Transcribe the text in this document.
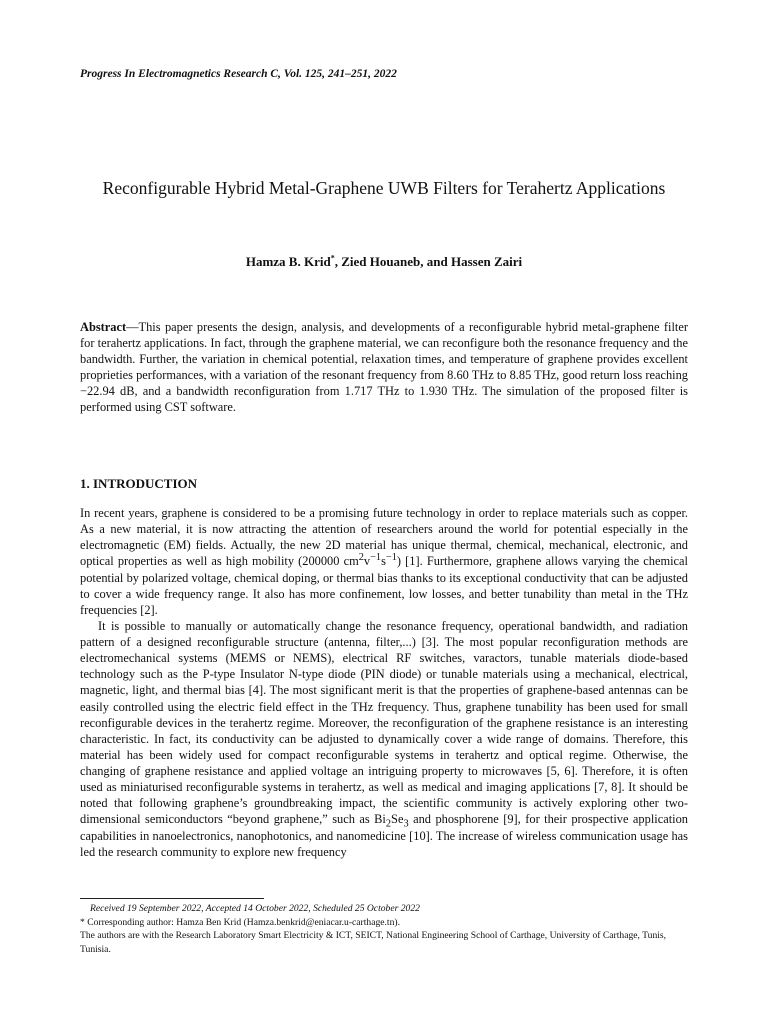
Progress In Electromagnetics Research C, Vol. 125, 241–251, 2022
Reconfigurable Hybrid Metal-Graphene UWB Filters for Terahertz Applications
Hamza B. Krid*, Zied Houaneb, and Hassen Zairi
Abstract—This paper presents the design, analysis, and developments of a reconfigurable hybrid metal-graphene filter for terahertz applications. In fact, through the graphene material, we can reconfigure both the resonance frequency and the bandwidth. Further, the variation in chemical potential, relaxation times, and temperature of graphene provides excellent proprieties performances, with a variation of the resonant frequency from 8.60 THz to 8.85 THz, good return loss reaching −22.94 dB, and a bandwidth reconfiguration from 1.717 THz to 1.930 THz. The simulation of the proposed filter is performed using CST software.
1. INTRODUCTION

In recent years, graphene is considered to be a promising future technology in order to replace materials such as copper. As a new material, it is now attracting the attention of researchers around the world for potential especially in the electromagnetic (EM) fields. Actually, the new 2D material has unique thermal, chemical, mechanical, electronic, and optical properties as well as high mobility (200000 $cm^2v^{-1}s^{-1}$) [1]. Furthermore, graphene allows varying the chemical potential by polarized voltage, chemical doping, or thermal bias thanks to its exceptional conductivity that can be adjusted to cover a wide frequency range. It also has more confinement, low losses, and better tunability than metal in the THz frequencies [2].

It is possible to manually or automatically change the resonance frequency, operational bandwidth, and radiation pattern of a designed reconfigurable structure (antenna, filter,...) [3]. The most popular reconfiguration methods are electromechanical systems (MEMS or NEMS), electrical RF switches, varactors, tunable materials diode-based technology such as the P-type Insulator N-type diode (PIN diode) or tunable materials using a mechanical, electrical, magnetic, light, and thermal bias [4]. The most significant merit is that the properties of graphene-based antennas can be easily controlled using the electric field effect in the THz frequency. Thus, graphene tunability has been used for small reconfigurable devices in the terahertz regime. Moreover, the reconfiguration of the graphene resistance is an interesting characteristic. In fact, its conductivity can be adjusted to dynamically cover a wide range of domains. Therefore, this material has been widely used for compact reconfigurable systems in terahertz and optical regime. Otherwise, the changing of graphene resistance and applied voltage an intriguing property to microwaves [5, 6]. Therefore, it is often used as miniaturised reconfigurable systems in terahertz, as well as medical and imaging applications [7, 8]. It should be noted that following graphene’s groundbreaking impact, the scientific community is actively exploring other two-dimensional semiconductors “beyond graphene,” such as $Bi_2Se_3$ and phosphorene [9], for their prospective application capabilities in nanoelectronics, nanophotonics, and nanomedicine [10]. The increase of wireless communication usage has led the research community to explore new frequency

Received 19 September 2022, Accepted 14 October 2022, Scheduled 25 October 2022
* Corresponding author: Hamza Ben Krid (Hamza.benkrid@eniacar.u-carthage.tn).
The authors are with the Research Laboratory Smart Electricity & ICT, SEICT, National Engineering School of Carthage, University of Carthage, Tunis, Tunisia.
